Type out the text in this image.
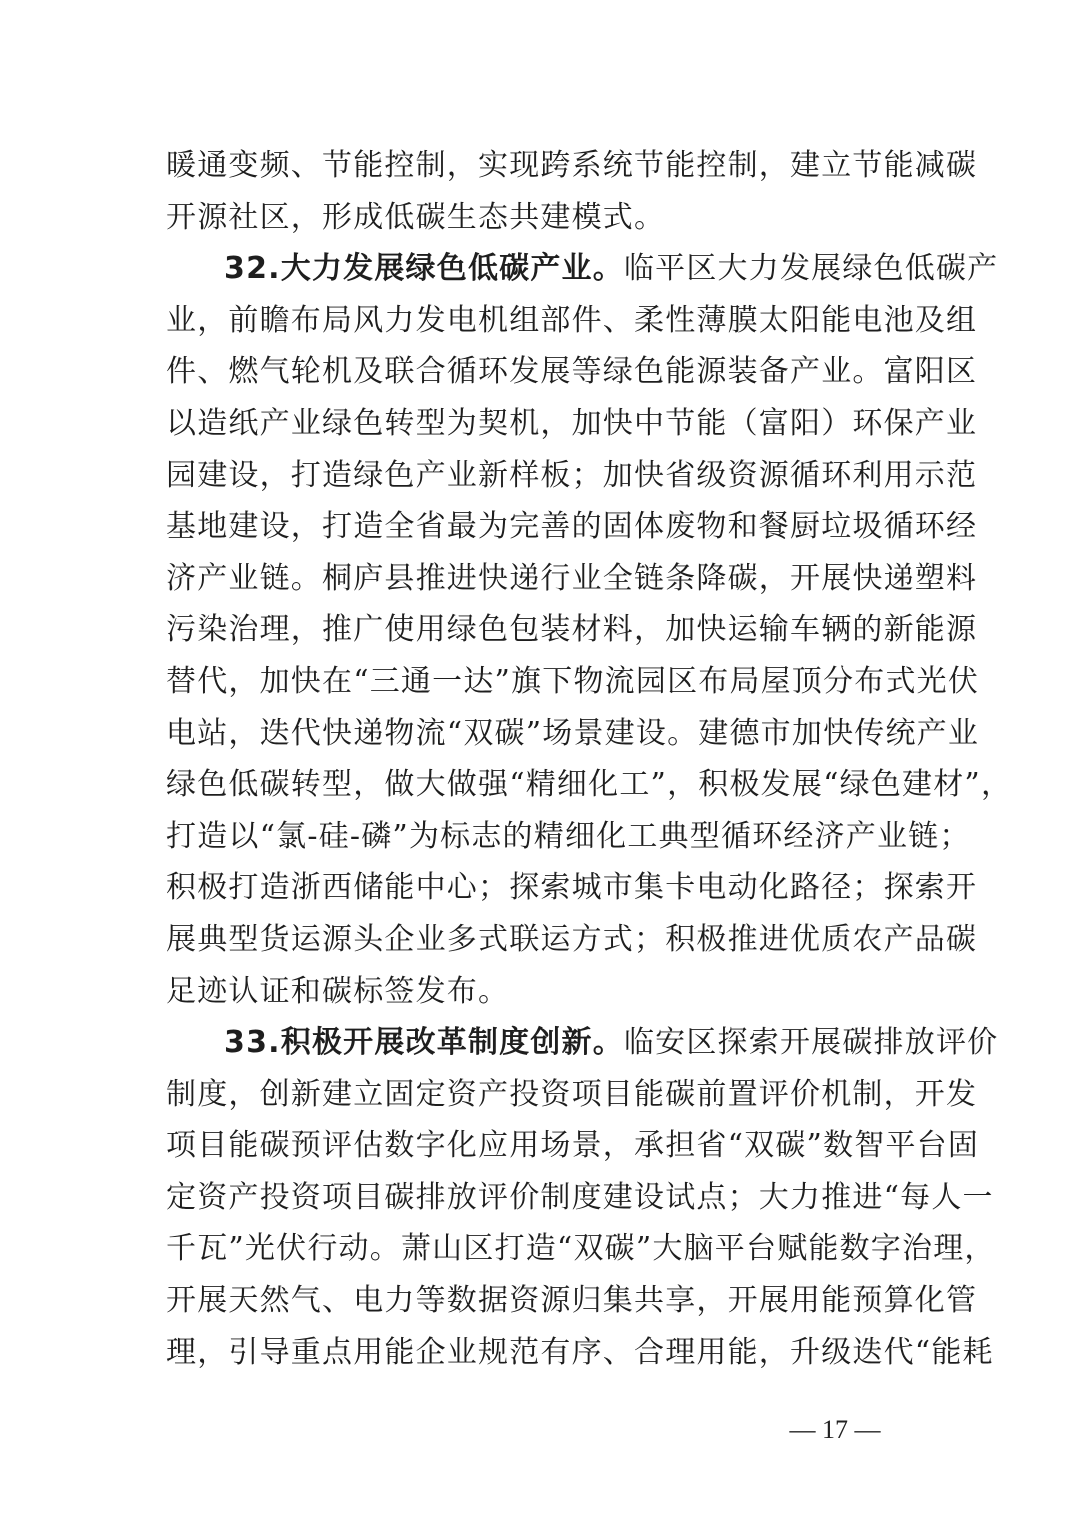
暖通变频、节能控制，实现跨系统节能控制，建立节能减碳
开源社区，形成低碳生态共建模式。
32.大力发展绿色低碳产业。临平区大力发展绿色低碳产
业，前瞻布局风力发电机组部件、柔性薄膜太阳能电池及组
件、燃气轮机及联合循环发展等绿色能源装备产业。富阳区
以造纸产业绿色转型为契机，加快中节能（富阳）环保产业
园建设，打造绿色产业新样板；加快省级资源循环利用示范
基地建设，打造全省最为完善的固体废物和餐厨垃圾循环经
济产业链。桐庐县推进快递行业全链条降碳，开展快递塑料
污染治理，推广使用绿色包装材料，加快运输车辆的新能源
替代，加快在“三通一达”旗下物流园区布局屋顶分布式光伏
电站，迭代快递物流“双碳”场景建设。建德市加快传统产业
绿色低碳转型，做大做强“精细化工”，积极发展“绿色建材”，
打造以“氯-硅-磷”为标志的精细化工典型循环经济产业链；
积极打造浙西储能中心；探索城市集卡电动化路径；探索开
展典型货运源头企业多式联运方式；积极推进优质农产品碳
足迹认证和碳标签发布。
33.积极开展改革制度创新。临安区探索开展碳排放评价
制度，创新建立固定资产投资项目能碳前置评价机制，开发
项目能碳预评估数字化应用场景，承担省“双碳”数智平台固
定资产投资项目碳排放评价制度建设试点；大力推进“每人一
千瓦”光伏行动。萧山区打造“双碳”大脑平台赋能数字治理，
开展天然气、电力等数据资源归集共享，开展用能预算化管
理，引导重点用能企业规范有序、合理用能，升级迭代“能耗
— 17 —
